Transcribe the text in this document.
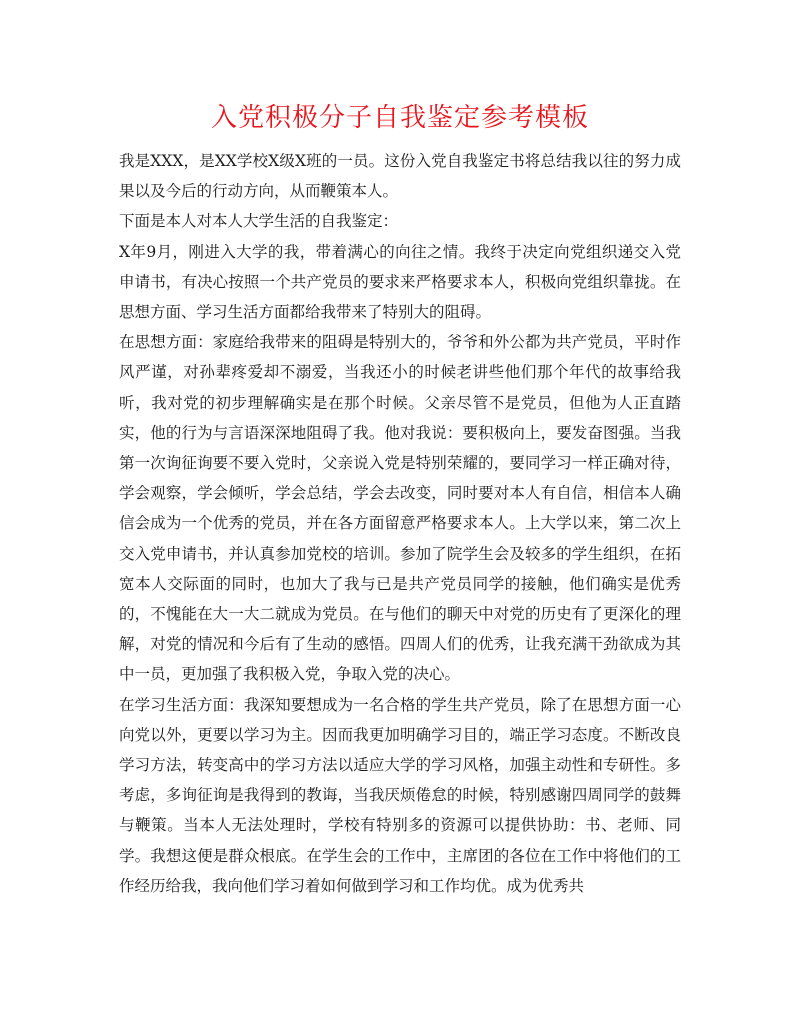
入党积极分子自我鉴定参考模板

我是XXX，是XX学校X级X班的一员。这份入党自我鉴定书将总结我以往的努力成果以及今后的行动方向，从而鞭策本人。

下面是本人对本人大学生活的自我鉴定：

X年9月，刚进入大学的我，带着满心的向往之情。我终于决定向党组织递交入党申请书，有决心按照一个共产党员的要求来严格要求本人，积极向党组织靠拢。在思想方面、学习生活方面都给我带来了特别大的阻碍。

在思想方面：家庭给我带来的阻碍是特别大的，爷爷和外公都为共产党员，平时作风严谨，对孙辈疼爱却不溺爱，当我还小的时候老讲些他们那个年代的故事给我听，我对党的初步理解确实是在那个时候。父亲尽管不是党员，但他为人正直踏实，他的行为与言语深深地阻碍了我。他对我说：要积极向上，要发奋图强。当我第一次询征询要不要入党时，父亲说入党是特别荣耀的，要同学习一样正确对待，学会观察，学会倾听，学会总结，学会去改变，同时要对本人有自信，相信本人确信会成为一个优秀的党员，并在各方面留意严格要求本人。上大学以来，第二次上交入党申请书，并认真参加党校的培训。参加了院学生会及较多的学生组织，在拓宽本人交际面的同时，也加大了我与已是共产党员同学的接触，他们确实是优秀的，不愧能在大一大二就成为党员。在与他们的聊天中对党的历史有了更深化的理解，对党的情况和今后有了生动的感悟。四周人们的优秀，让我充满干劲欲成为其中一员，更加强了我积极入党，争取入党的决心。

在学习生活方面：我深知要想成为一名合格的学生共产党员，除了在思想方面一心向党以外，更要以学习为主。因而我更加明确学习目的，端正学习态度。不断改良学习方法，转变高中的学习方法以适应大学的学习风格，加强主动性和专研性。多考虑，多询征询是我得到的教诲，当我厌烦倦怠的时候，特别感谢四周同学的鼓舞与鞭策。当本人无法处理时，学校有特别多的资源可以提供协助：书、老师、同学。我想这便是群众根底。在学生会的工作中，主席团的各位在工作中将他们的工作经历给我，我向他们学习着如何做到学习和工作均优。成为优秀共
